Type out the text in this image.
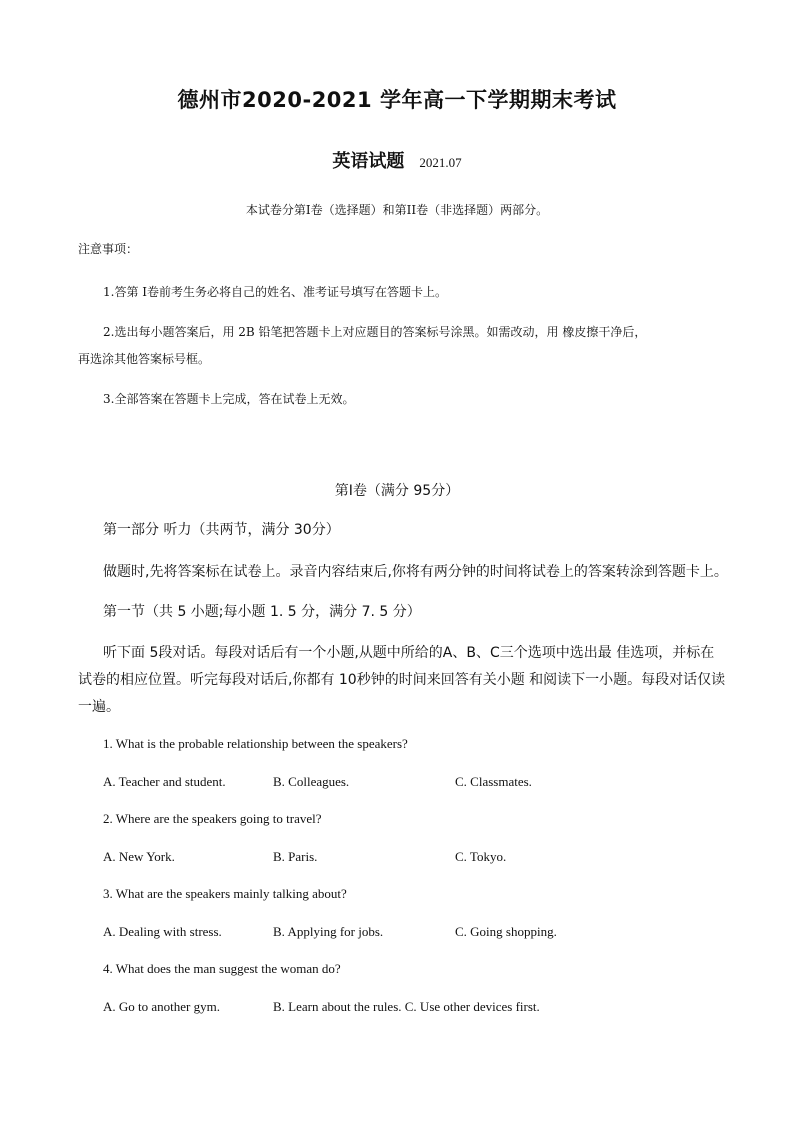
德州市2020-2021 学年高一下学期期末考试
英语试题 2021.07
本试卷分第I卷（选择题）和第II卷（非选择题）两部分。
注意事项：
1.答第 I卷前考生务必将自己的姓名、准考证号填写在答题卡上。
2.选出每小题答案后，用 2B 铅笔把答题卡上对应题目的答案标号涂黑。如需改动，用 橡皮擦干净后，
再选涂其他答案标号框。
3.全部答案在答题卡上完成，答在试卷上无效。
第I卷（满分 95分）
第一部分 听力（共两节，满分 30分）
做题时,先将答案标在试卷上。录音内容结束后,你将有两分钟的时间将试卷上的答案转涂到答题卡上。
第一节（共 5 小题;每小题 1. 5 分，满分 7. 5 分）
听下面 5段对话。每段对话后有一个小题,从题中所给的A、B、C三个选项中选出最 佳选项，并标在
试卷的相应位置。听完每段对话后,你都有 10秒钟的时间来回答有关小题 和阅读下一小题。每段对话仅读
一遍。
1. What is the probable relationship between the speakers?
A. Teacher and student.	B. Colleagues.	C. Classmates.
2. Where are the speakers going to travel?
A. New York.	B. Paris.	C. Tokyo.
3. What are the speakers mainly talking about?
A. Dealing with stress.	B. Applying for jobs.	C. Going shopping.
4. What does the man suggest the woman do?
A. Go to another gym.	B. Learn about the rules. C. Use other devices first.
